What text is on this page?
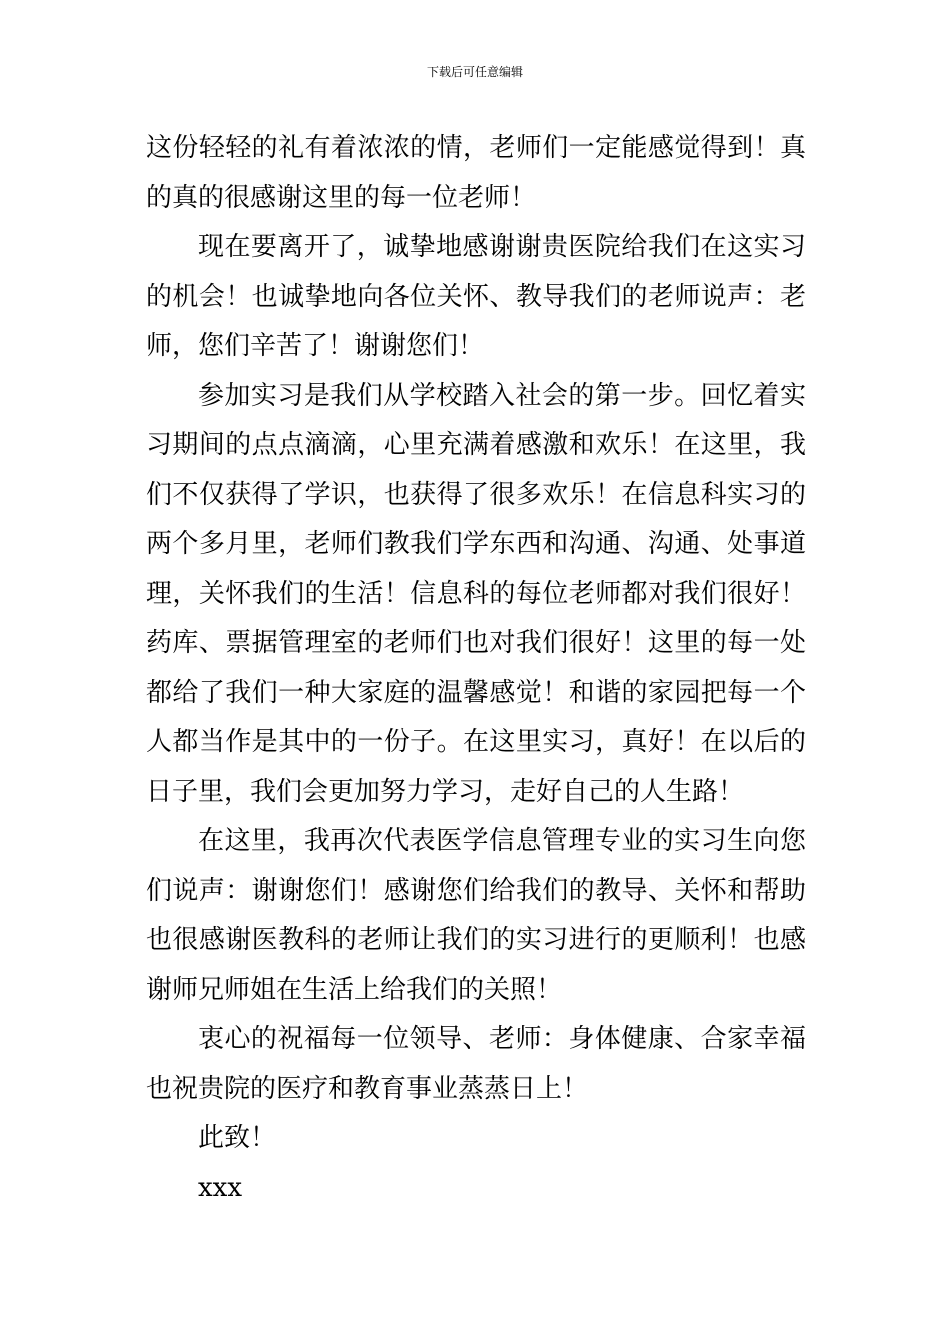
下载后可任意编辑

这份轻轻的礼有着浓浓的情，老师们一定能感觉得到！真的真的很感谢这里的每一位老师！

现在要离开了，诚挚地感谢谢贵医院给我们在这实习的机会！也诚挚地向各位关怀、教导我们的老师说声：老师，您们辛苦了！谢谢您们！

参加实习是我们从学校踏入社会的第一步。回忆着实习期间的点点滴滴，心里充满着感激和欢乐！在这里，我们不仅获得了学识，也获得了很多欢乐！在信息科实习的两个多月里，老师们教我们学东西和沟通、沟通、处事道理，关怀我们的生活！信息科的每位老师都对我们很好！药库、票据管理室的老师们也对我们很好！这里的每一处都给了我们一种大家庭的温馨感觉！和谐的家园把每一个人都当作是其中的一份子。在这里实习，真好！在以后的日子里，我们会更加努力学习，走好自己的人生路！

在这里，我再次代表医学信息管理专业的实习生向您们说声：谢谢您们！感谢您们给我们的教导、关怀和帮助也很感谢医教科的老师让我们的实习进行的更顺利！也感谢师兄师姐在生活上给我们的关照！

衷心的祝福每一位领导、老师：身体健康、合家幸福也祝贵院的医疗和教育事业蒸蒸日上！

此致！

xxx
